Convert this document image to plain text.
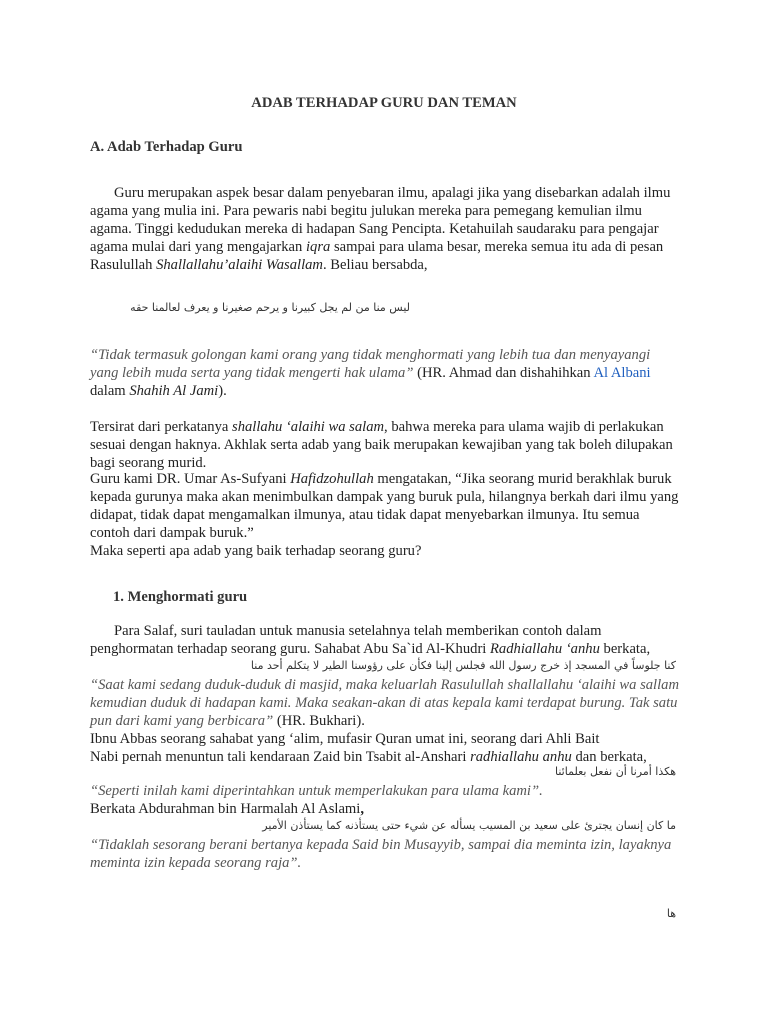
ADAB TERHADAP GURU DAN TEMAN

A. Adab Terhadap Guru

Guru merupakan aspek besar dalam penyebaran ilmu, apalagi jika yang disebarkan adalah ilmu agama yang mulia ini. Para pewaris nabi begitu julukan mereka para pemegang kemulian ilmu agama. Tinggi kedudukan mereka di hadapan Sang Pencipta. Ketahuilah saudaraku para pengajar agama mulai dari yang mengajarkan iqra sampai para ulama besar, mereka semua itu ada di pesan Rasulullah Shallallahu’alaihi Wasallam. Beliau bersabda,

ليس منا من لم يجل كبيرنا و يرحم صغيرنا و يعرف لعالمنا حقه

“Tidak termasuk golongan kami orang yang tidak menghormati yang lebih tua dan menyayangi yang lebih muda serta yang tidak mengerti hak ulama” (HR. Ahmad dan dishahihkan Al Albani dalam Shahih Al Jami).

Tersirat dari perkatanya shallahu ‘alaihi wa salam, bahwa mereka para ulama wajib di perlakukan sesuai dengan haknya. Akhlak serta adab yang baik merupakan kewajiban yang tak boleh dilupakan bagi seorang murid.

Guru kami DR. Umar As-Sufyani Hafidzohullah mengatakan, “Jika seorang murid berakhlak buruk kepada gurunya maka akan menimbulkan dampak yang buruk pula, hilangnya berkah dari ilmu yang didapat, tidak dapat mengamalkan ilmunya, atau tidak dapat menyebarkan ilmunya. Itu semua contoh dari dampak buruk.”

Maka seperti apa adab yang baik terhadap seorang guru?

1. Menghormati guru

Para Salaf, suri tauladan untuk manusia setelahnya telah memberikan contoh dalam penghormatan terhadap seorang guru. Sahabat Abu Sa`id Al-Khudri Radhiallahu ‘anhu berkata,

كنا جلوساً في المسجد إذ خرج رسول الله فجلس إلينا فكأن على رؤوسنا الطير لا يتكلم أحد منا

“Saat kami sedang duduk-duduk di masjid, maka keluarlah Rasulullah shallallahu ‘alaihi wa sallam kemudian duduk di hadapan kami. Maka seakan-akan di atas kepala kami terdapat burung. Tak satu pun dari kami yang berbicara” (HR. Bukhari).

Ibnu Abbas seorang sahabat yang ‘alim, mufasir Quran umat ini, seorang dari Ahli Bait
Nabi pernah menuntun tali kendaraan Zaid bin Tsabit al-Anshari radhiallahu anhu dan berkata,

هكذا أمرنا أن نفعل بعلمائنا

“Seperti inilah kami diperintahkan untuk memperlakukan para ulama kami”.

Berkata Abdurahman bin Harmalah Al Aslami,

ما كان إنسان يجترئ على سعيد بن المسيب يسأله عن شيء حتى يستأذنه كما يستأذن الأمير

“Tidaklah sesorang berani bertanya kepada Said bin Musayyib, sampai dia meminta izin, layaknya meminta izin kepada seorang raja”.

ﮬﺎ
